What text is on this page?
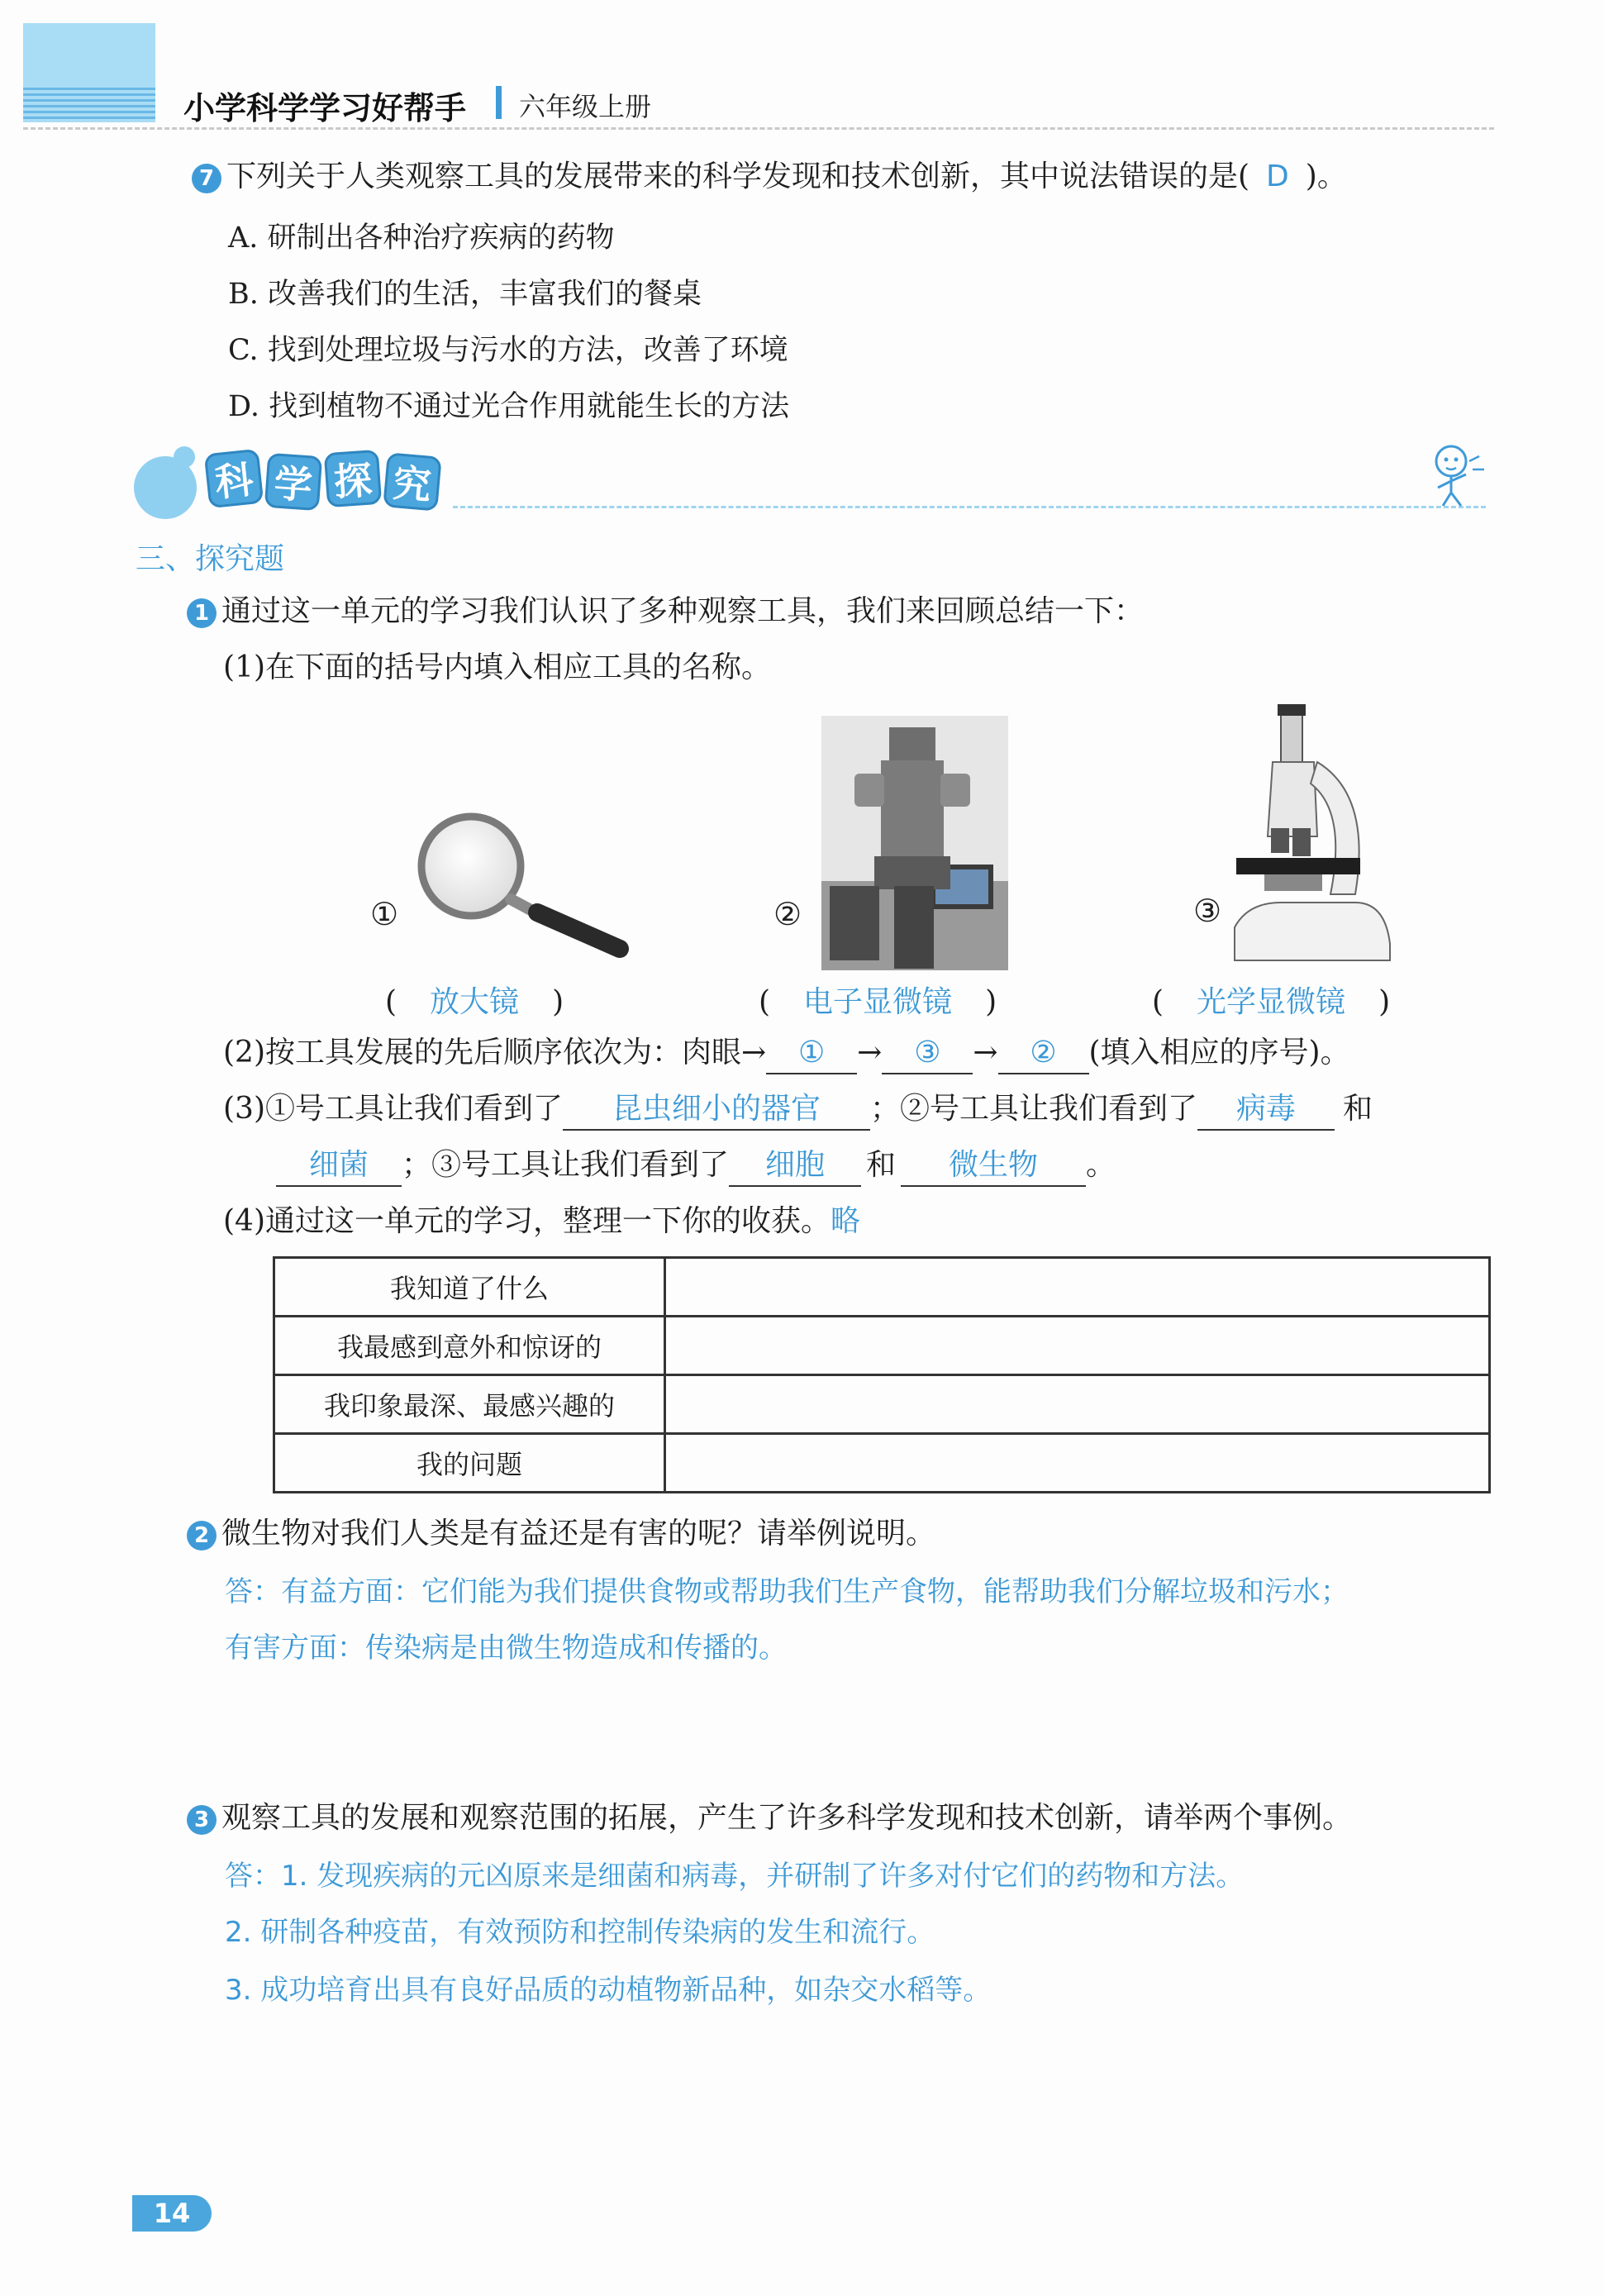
小学科学学习好帮手 六年级上册
7 下列关于人类观察工具的发展带来的科学发现和技术创新，其中说法错误的是( D )。
A. 研制出各种治疗疾病的药物
B. 改善我们的生活，丰富我们的餐桌
C. 找到处理垃圾与污水的方法，改善了环境
D. 找到植物不通过光合作用就能生长的方法
科 学 探 究
三、探究题
1 通过这一单元的学习我们认识了多种观察工具，我们来回顾总结一下：
(1)在下面的括号内填入相应工具的名称。
①	②	③
( 放大镜 )	( 电子显微镜 )	( 光学显微镜 )
(2)按工具发展的先后顺序依次为：肉眼→ ① → ③ → ② (填入相应的序号)。
(3)①号工具让我们看到了 昆虫细小的器官 ；②号工具让我们看到了 病毒 和
细菌 ；③号工具让我们看到了 细胞 和 微生物 。
(4)通过这一单元的学习，整理一下你的收获。略
我知道了什么	
我最感到意外和惊讶的	
我印象最深、最感兴趣的	
我的问题	
2 微生物对我们人类是有益还是有害的呢？请举例说明。
答：有益方面：它们能为我们提供食物或帮助我们生产食物，能帮助我们分解垃圾和污水；
有害方面：传染病是由微生物造成和传播的。
3 观察工具的发展和观察范围的拓展，产生了许多科学发现和技术创新，请举两个事例。
答：1. 发现疾病的元凶原来是细菌和病毒，并研制了许多对付它们的药物和方法。
2. 研制各种疫苗，有效预防和控制传染病的发生和流行。
3. 成功培育出具有良好品质的动植物新品种，如杂交水稻等。
14
